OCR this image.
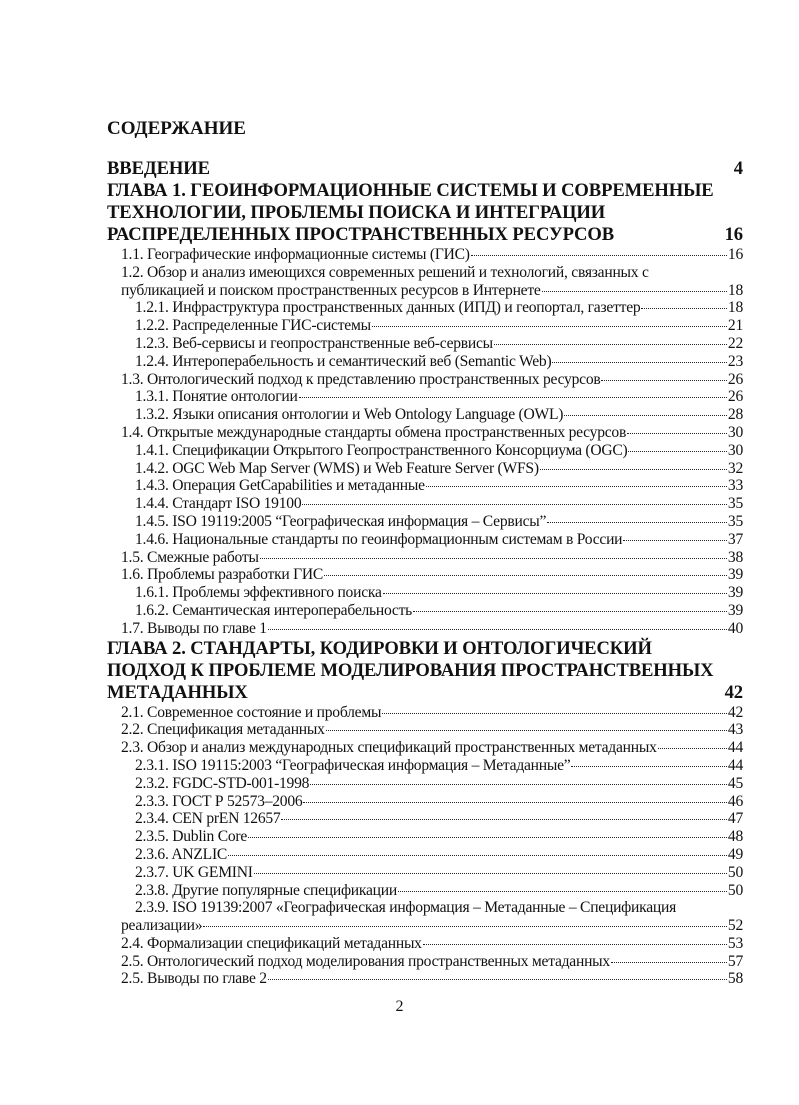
СОДЕРЖАНИЕ
ВВЕДЕНИЕ	4
ГЛАВА 1. ГЕОИНФОРМАЦИОННЫЕ СИСТЕМЫ И СОВРЕМЕННЫЕ
ТЕХНОЛОГИИ, ПРОБЛЕМЫ ПОИСКА И ИНТЕГРАЦИИ
РАСПРЕДЕЛЕННЫХ ПРОСТРАНСТВЕННЫХ РЕСУРСОВ	16
1.1. Географические информационные системы (ГИС)	16
1.2. Обзор и анализ имеющихся современных решений и технологий, связанных с
публикацией и поиском пространственных ресурсов в Интернете	18
1.2.1. Инфраструктура пространственных данных (ИПД) и геопортал, газеттер	18
1.2.2. Распределенные ГИС-системы	21
1.2.3. Веб-сервисы и геопространственные веб-сервисы	22
1.2.4. Интероперабельность и семантический веб (Semantic Web)	23
1.3. Онтологический подход к представлению пространственных ресурсов	26
1.3.1. Понятие онтологии	26
1.3.2. Языки описания онтологии и Web Ontology Language (OWL)	28
1.4. Открытые международные стандарты обмена пространственных ресурсов	30
1.4.1. Спецификации Открытого Геопространственного Консорциума (OGC)	30
1.4.2. OGC Web Map Server (WMS) и Web Feature Server (WFS)	32
1.4.3. Операция GetCapabilities и метаданные	33
1.4.4. Стандарт ISO 19100	35
1.4.5. ISO 19119:2005 “Географическая информация – Сервисы”	35
1.4.6. Национальные стандарты по геоинформационным системам в России	37
1.5. Смежные работы	38
1.6. Проблемы разработки ГИС	39
1.6.1. Проблемы эффективного поиска	39
1.6.2. Семантическая интероперабельность	39
1.7. Выводы по главе 1	40
ГЛАВА 2. СТАНДАРТЫ, КОДИРОВКИ И ОНТОЛОГИЧЕСКИЙ
ПОДХОД К ПРОБЛЕМЕ МОДЕЛИРОВАНИЯ ПРОСТРАНСТВЕННЫХ
МЕТАДАННЫХ	42
2.1. Современное состояние и проблемы	42
2.2. Спецификация метаданных	43
2.3. Обзор и анализ международных спецификаций пространственных метаданных	44
2.3.1. ISO 19115:2003 “Географическая информация – Метаданные”	44
2.3.2. FGDC-STD-001-1998	45
2.3.3. ГОСТ Р 52573–2006	46
2.3.4. CEN prEN 12657	47
2.3.5. Dublin Core	48
2.3.6. ANZLIC	49
2.3.7. UK GEMINI	50
2.3.8. Другие популярные спецификации	50
2.3.9. ISO 19139:2007 «Географическая информация – Метаданные – Спецификация
реализации»	52
2.4. Формализации спецификаций метаданных	53
2.5. Онтологический подход моделирования пространственных метаданных	57
2.5. Выводы по главе 2	58
2
